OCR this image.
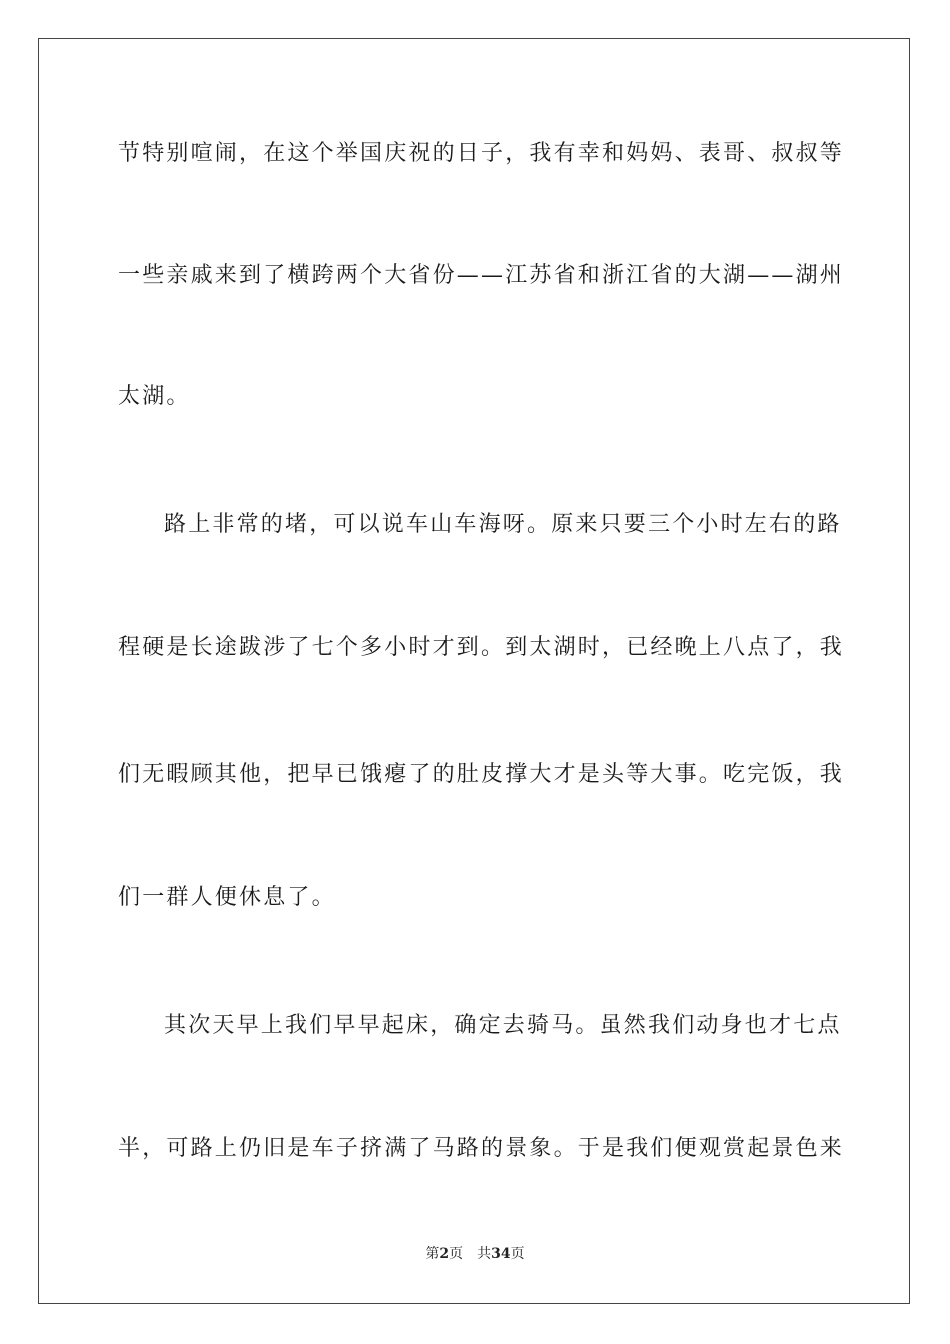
节特别喧闹，在这个举国庆祝的日子，我有幸和妈妈、表哥、叔叔等
一些亲戚来到了横跨两个大省份——江苏省和浙江省的大湖——湖州
太湖。
路上非常的堵，可以说车山车海呀。原来只要三个小时左右的路
程硬是长途跋涉了七个多小时才到。到太湖时，已经晚上八点了，我
们无暇顾其他，把早已饿瘪了的肚皮撑大才是头等大事。吃完饭，我
们一群人便休息了。
其次天早上我们早早起床，确定去骑马。虽然我们动身也才七点
半，可路上仍旧是车子挤满了马路的景象。于是我们便观赏起景色来
第2页 共34页
